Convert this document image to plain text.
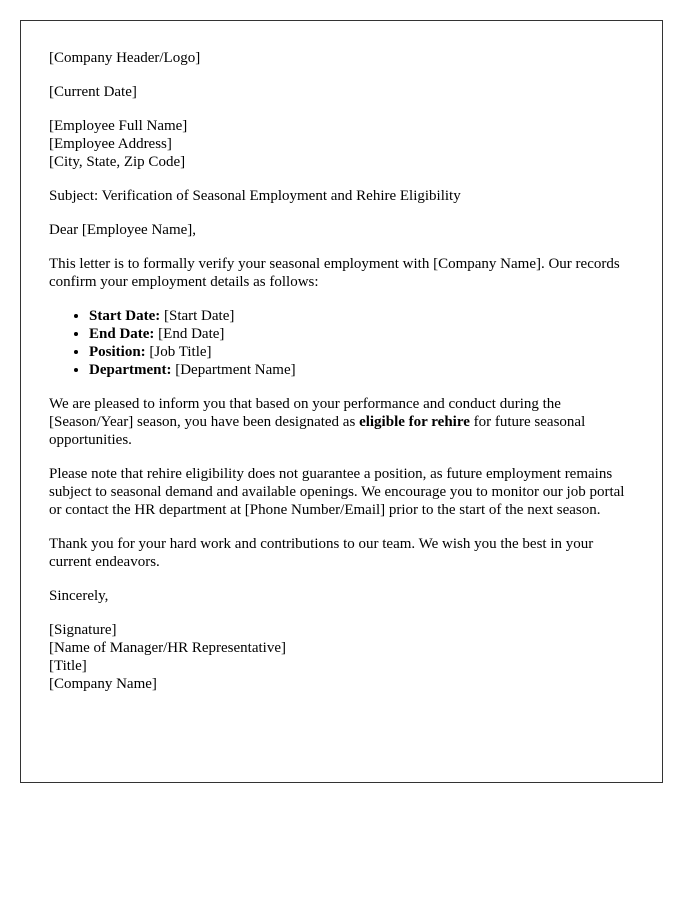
[Company Header/Logo]

[Current Date]

[Employee Full Name]
[Employee Address]
[City, State, Zip Code]

Subject: Verification of Seasonal Employment and Rehire Eligibility

Dear [Employee Name],

This letter is to formally verify your seasonal employment with [Company Name]. Our records confirm your employment details as follows:

• Start Date: [Start Date]
• End Date: [End Date]
• Position: [Job Title]
• Department: [Department Name]

We are pleased to inform you that based on your performance and conduct during the [Season/Year] season, you have been designated as eligible for rehire for future seasonal opportunities.

Please note that rehire eligibility does not guarantee a position, as future employment remains subject to seasonal demand and available openings. We encourage you to monitor our job portal or contact the HR department at [Phone Number/Email] prior to the start of the next season.

Thank you for your hard work and contributions to our team. We wish you the best in your current endeavors.

Sincerely,

[Signature]
[Name of Manager/HR Representative]
[Title]
[Company Name]
